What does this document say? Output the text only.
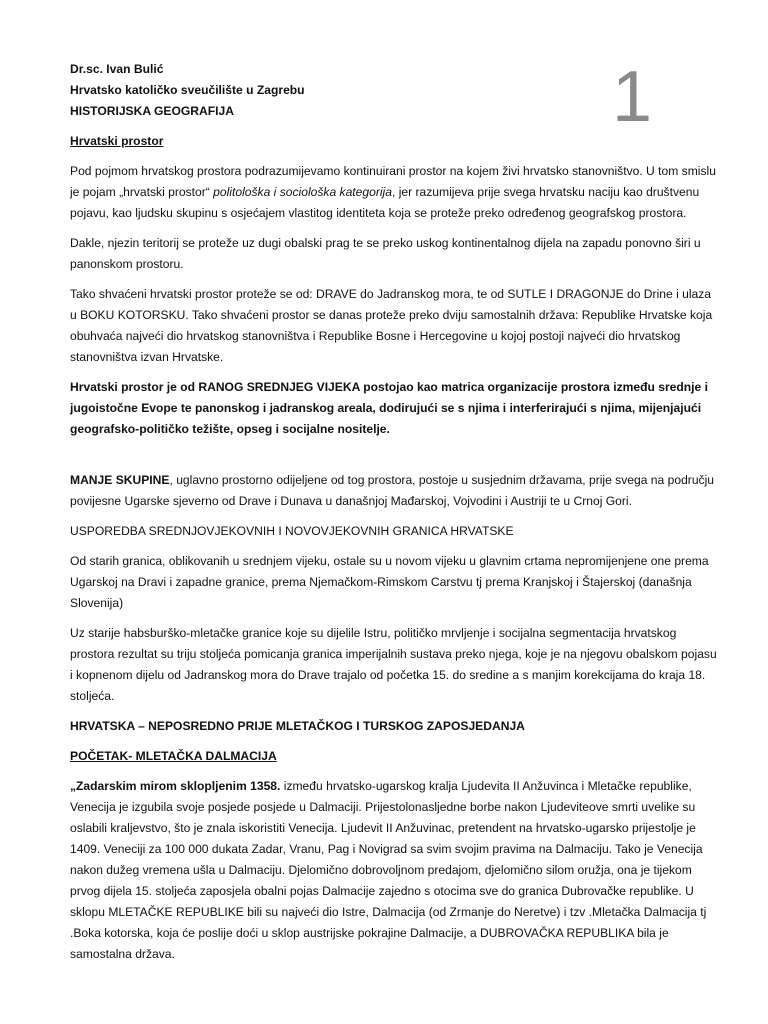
1

Dr.sc. Ivan Bulić

Hrvatsko katoličko sveučilište u Zagrebu

HISTORIJSKA GEOGRAFIJA

Hrvatski prostor

Pod pojmom hrvatskog prostora podrazumijevamo kontinuirani prostor na kojem živi hrvatsko stanovništvo. U tom smislu je pojam „hrvatski prostor“ politološka i sociološka kategorija, jer razumijeva prije svega hrvatsku naciju kao društvenu pojavu, kao ljudsku skupinu s osjećajem vlastitog identiteta koja se proteže preko određenog geografskog prostora.

Dakle, njezin teritorij se proteže uz dugi obalski prag te se preko uskog kontinentalnog dijela na zapadu ponovno širi u panonskom prostoru.

Tako shvaćeni hrvatski prostor proteže se od: DRAVE do Jadranskog mora, te od SUTLE I DRAGONJE do Drine i ulaza u BOKU KOTORSKU. Tako shvaćeni prostor se danas proteže preko dviju samostalnih država: Republike Hrvatske koja obuhvaća najveći dio hrvatskog stanovništva i Republike Bosne i Hercegovine u kojoj postoji najveći dio hrvatskog stanovništva izvan Hrvatske.

Hrvatski prostor je od RANOG SREDNJEG VIJEKA postojao kao matrica organizacije prostora između srednje i jugoistočne Evope te panonskog i jadranskog areala, dodirujući se s njima i interferirajući s njima, mijenjajući geografsko-političko težište, opseg i socijalne nositelje.

MANJE SKUPINE, uglavno prostorno odijeljene od tog prostora, postoje u susjednim državama, prije svega na području povijesne Ugarske sjeverno od Drave i Dunava u današnjoj Mađarskoj, Vojvodini i Austriji te u Crnoj Gori.

USPOREDBA SREDNJOVJEKOVNIH I NOVOVJEKOVNIH GRANICA HRVATSKE

Od starih granica, oblikovanih u srednjem vijeku, ostale su u novom vijeku u glavnim crtama nepromijenjene one prema Ugarskoj na Dravi i zapadne granice, prema Njemačkom-Rimskom Carstvu tj prema Kranjskoj i Štajerskoj (današnja Slovenija)

Uz starije habsburško-mletačke granice koje su dijelile Istru, političko mrvljenje i socijalna segmentacija hrvatskog prostora rezultat su triju stoljeća pomicanja granica imperijalnih sustava preko njega, koje je na njegovu obalskom pojasu i kopnenom dijelu od Jadranskog mora do Drave trajalo od početka 15. do sredine a s manjim korekcijama do kraja 18. stoljeća.

HRVATSKA – NEPOSREDNO PRIJE MLETAČKOG I TURSKOG ZAPOSJEDANJA

POČETAK- MLETAČKA DALMACIJA

„Zadarskim mirom sklopljenim 1358. između hrvatsko-ugarskog kralja Ljudevita II Anžuvinca i Mletačke republike, Venecija je izgubila svoje posjede posjede u Dalmaciji. Prijestolonasljedne borbe nakon Ljudeviteove smrti uvelike su oslabili kraljevstvo, što je znala iskoristiti Venecija. Ljudevit II Anžuvinac, pretendent na hrvatsko-ugarsko prijestolje je 1409. Veneciji za 100 000 dukata Zadar, Vranu, Pag i Novigrad sa svim svojim pravima na Dalmaciju. Tako je Venecija nakon dužeg vremena ušla u Dalmaciju. Djelomično dobrovoljnom predajom, djelomično silom oružja, ona je tijekom prvog dijela 15. stoljeća zaposjela obalni pojas Dalmacije zajedno s otocima sve do granica Dubrovačke republike. U sklopu MLETAČKE REPUBLIKE bili su najveći dio Istre, Dalmacija (od Zrmanje do Neretve) i tzv .Mletačka Dalmacija tj .Boka kotorska, koja će poslije doći u sklop austrijske pokrajine Dalmacije, a DUBROVAČKA REPUBLIKA bila je samostalna država.
